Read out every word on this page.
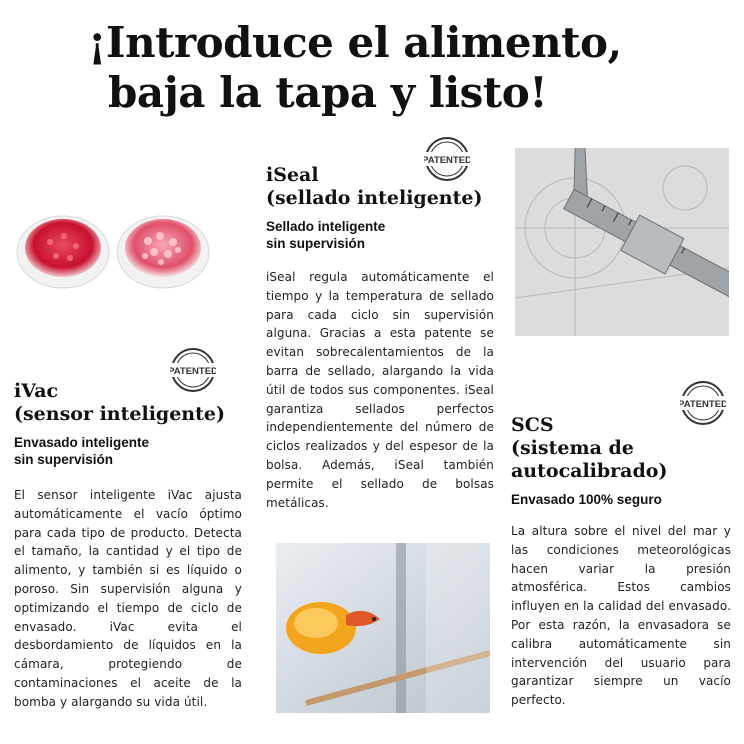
¡Introduce el alimento,
baja la tapa y listo!
PATENTED
PATENTED
PATENTED
iSeal
(sellado inteligente)
Sellado inteligente
sin supervisión
iSeal regula automáticamente el tiempo y la temperatura de sellado para cada ciclo sin supervisión alguna. Gracias a esta patente se evitan sobrecalentamientos de la barra de sellado, alargando la vida útil de todos sus componentes. iSeal garantiza sellados perfectos independientemente del número de ciclos realizados y del espesor de la bolsa. Además, iSeal también permite el sellado de bolsas metálicas.
iVac
(sensor inteligente)
Envasado inteligente
sin supervisión
El sensor inteligente iVac ajusta automáticamente el vacío óptimo para cada tipo de producto. Detecta el tamaño, la cantidad y el tipo de alimento, y también si es líquido o poroso. Sin supervisión alguna y optimizando el tiempo de ciclo de envasado. iVac evita el desbordamiento de líquidos en la cámara, protegiendo de contaminaciones el aceite de la bomba y alargando su vida útil.
SCS
(sistema de
autocalibrado)
Envasado 100% seguro
La altura sobre el nivel del mar y las condiciones meteorológicas hacen variar la presión atmosférica. Estos cambios influyen en la calidad del envasado. Por esta razón, la envasadora se calibra automáticamente sin intervención del usuario para garantizar siempre un vacío perfecto.
